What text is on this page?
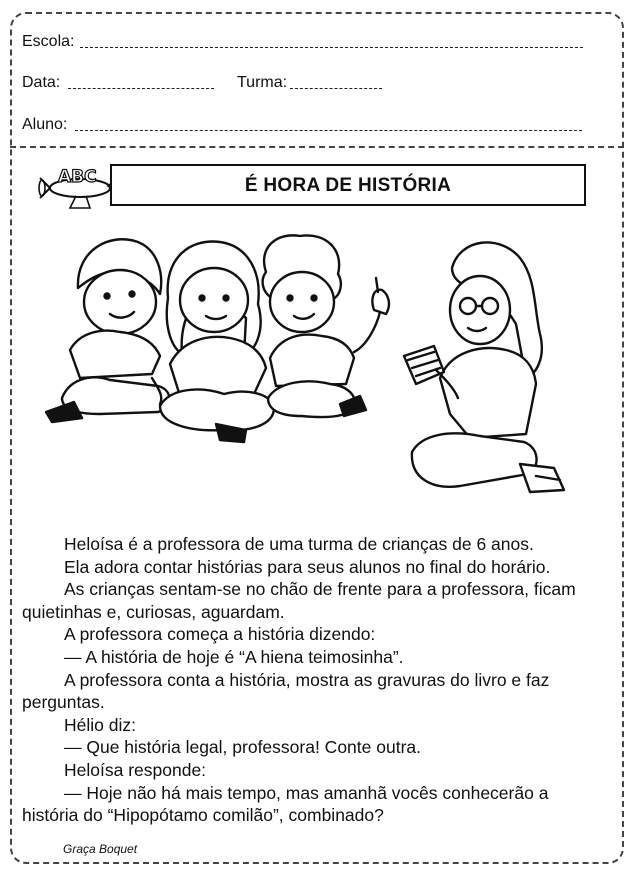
Escola:
Data:	Turma:
Aluno:
ABC	É HORA DE HISTÓRIA

Heloísa é a professora de uma turma de crianças de 6 anos.

Ela adora contar histórias para seus alunos no final do horário.

As crianças sentam-se no chão de frente para a professora, ficam

quietinhas e, curiosas, aguardam.

A professora começa a história dizendo:

— A história de hoje é “A hiena teimosinha”.

A professora conta a história, mostra as gravuras do livro e faz

perguntas.

Hélio diz:

— Que história legal, professora! Conte outra.

Heloísa responde:

— Hoje não há mais tempo, mas amanhã vocês conhecerão a

história do “Hipopótamo comilão”, combinado?

Graça Boquet
